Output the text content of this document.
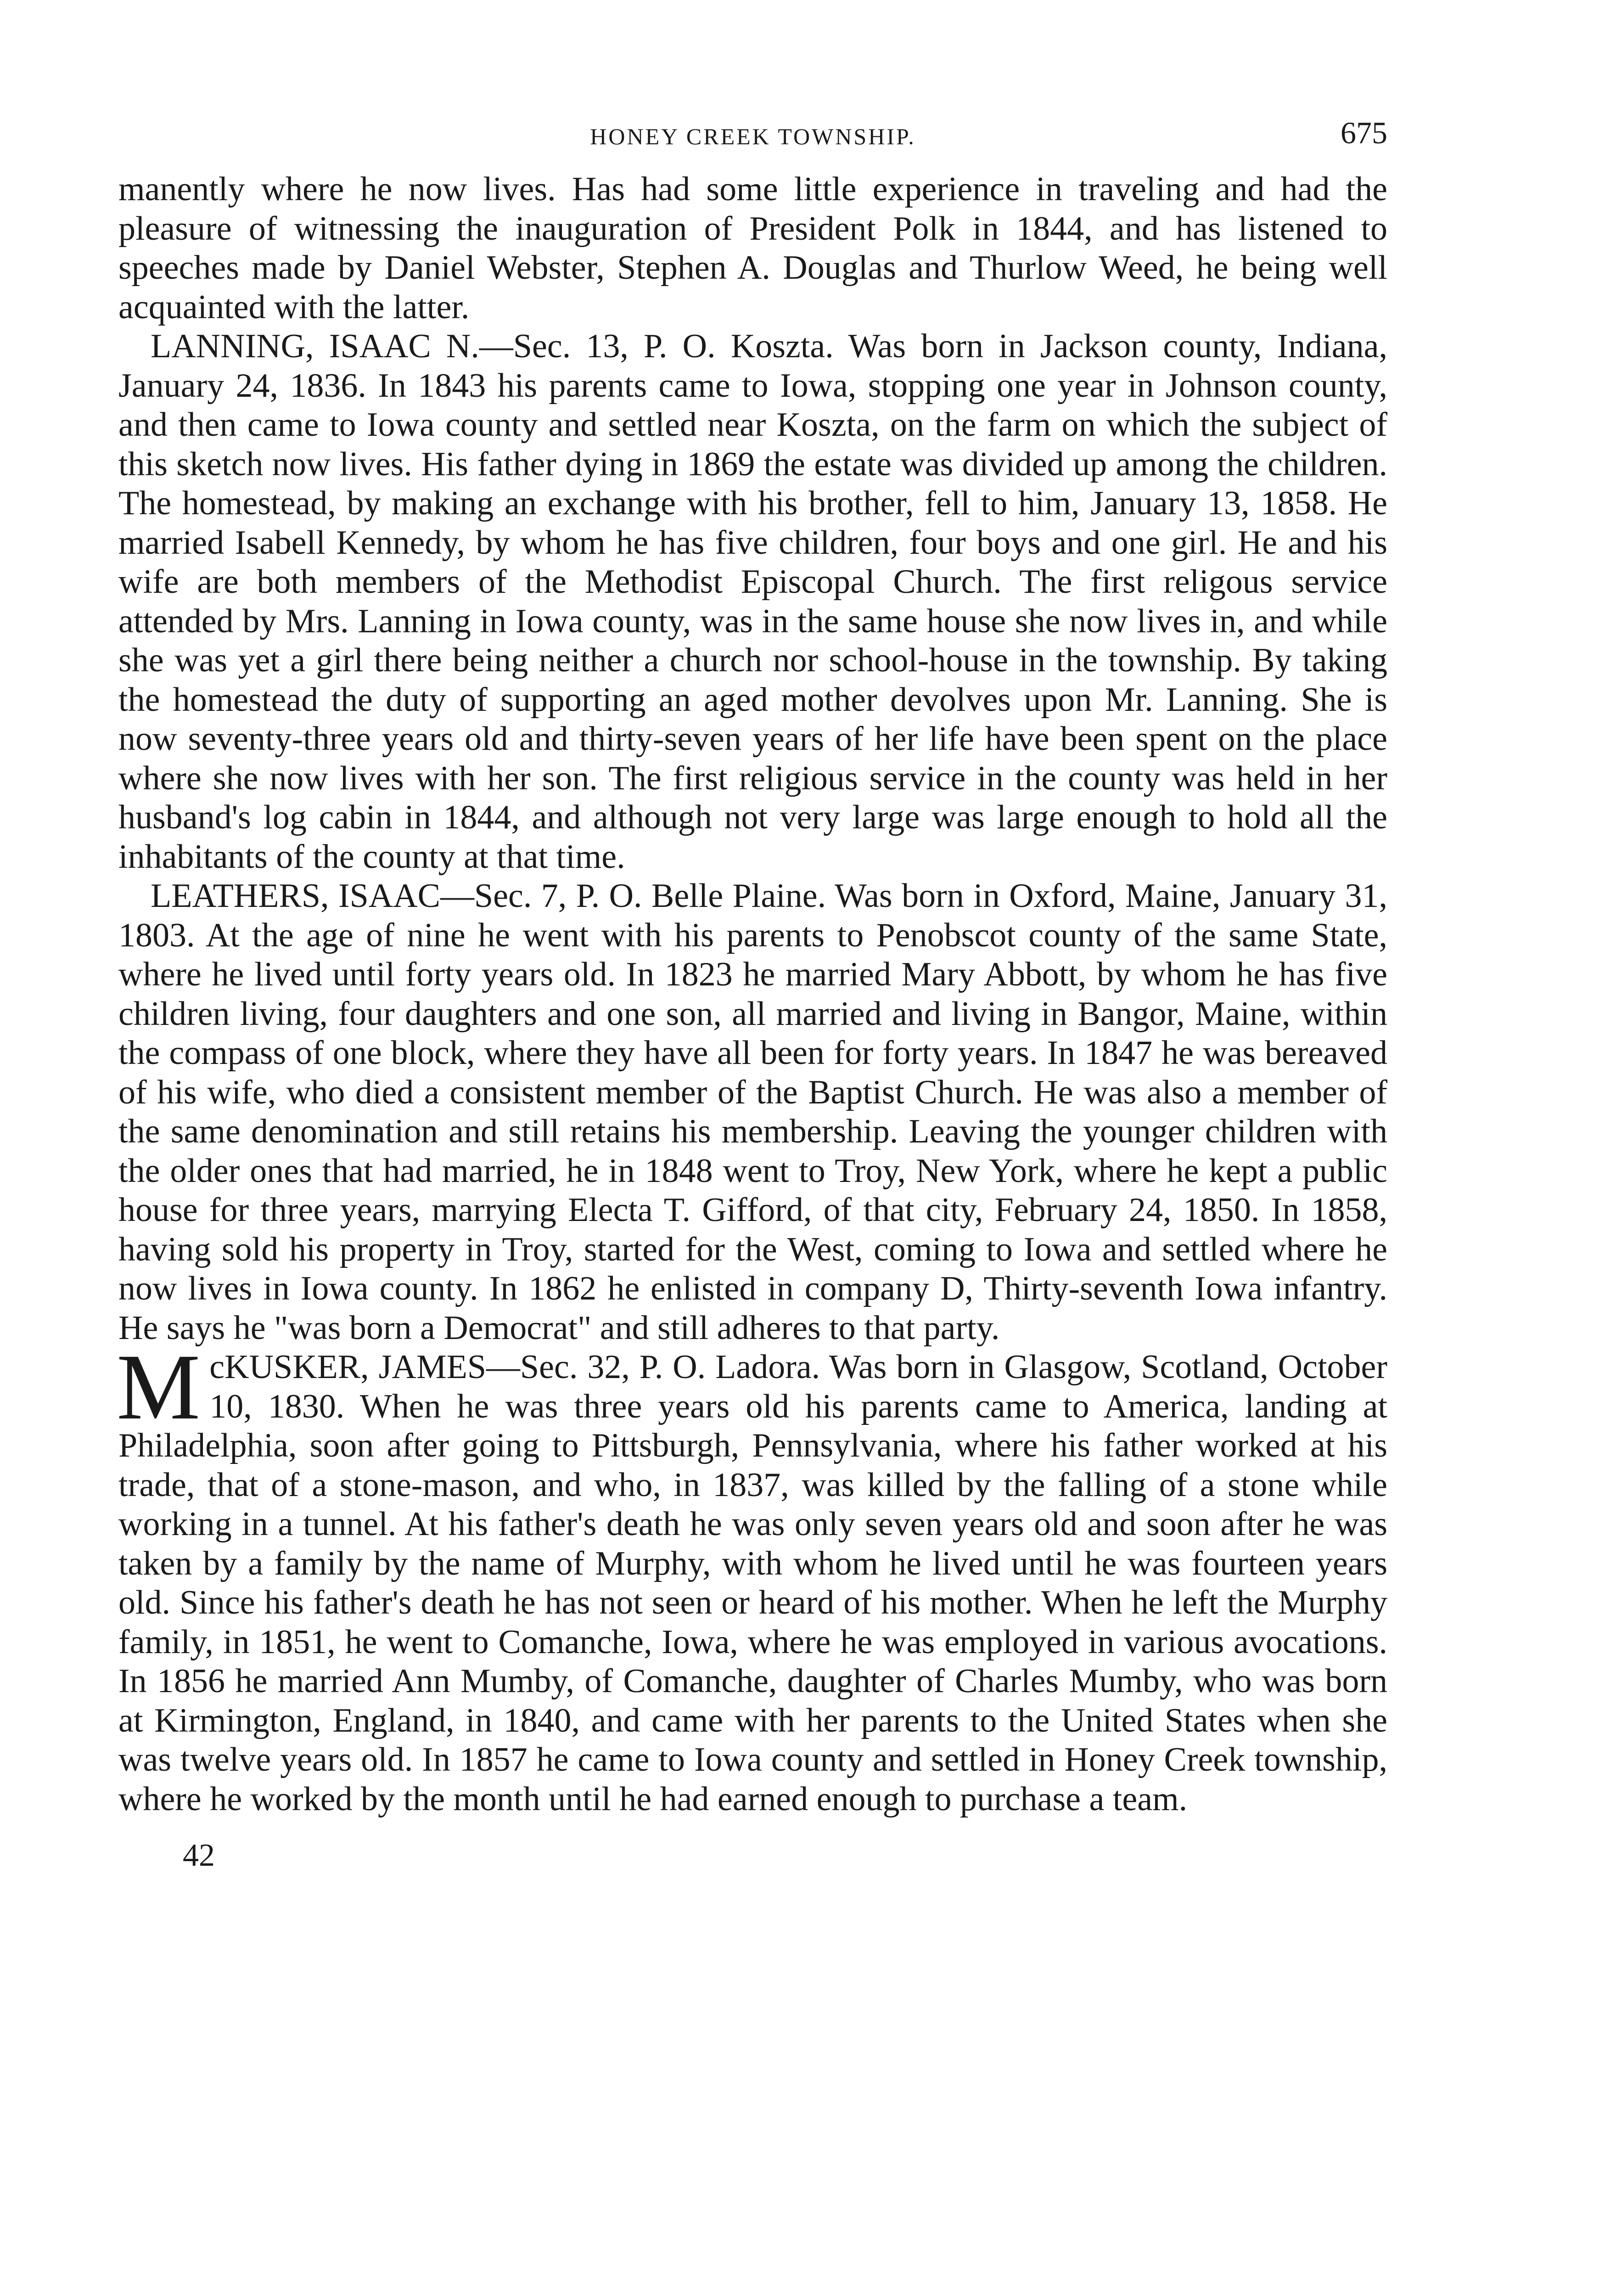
HONEY CREEK TOWNSHIP.	675

manently where he now lives. Has had some little experience in traveling and had the pleasure of witnessing the inauguration of President Polk in 1844, and has listened to speeches made by Daniel Webster, Stephen A. Douglas and Thurlow Weed, he being well acquainted with the latter.

LANNING, ISAAC N.—Sec. 13, P. O. Koszta. Was born in Jackson county, Indiana, January 24, 1836. In 1843 his parents came to Iowa, stopping one year in Johnson county, and then came to Iowa county and settled near Koszta, on the farm on which the subject of this sketch now lives. His father dying in 1869 the estate was divided up among the children. The homestead, by making an exchange with his brother, fell to him, January 13, 1858. He married Isabell Kennedy, by whom he has five children, four boys and one girl. He and his wife are both members of the Methodist Episcopal Church. The first religous service attended by Mrs. Lanning in Iowa county, was in the same house she now lives in, and while she was yet a girl there being neither a church nor school-house in the township. By taking the homestead the duty of supporting an aged mother devolves upon Mr. Lanning. She is now seventy-three years old and thirty-seven years of her life have been spent on the place where she now lives with her son. The first religious service in the county was held in her husband's log cabin in 1844, and although not very large was large enough to hold all the inhabitants of the county at that time.

LEATHERS, ISAAC—Sec. 7, P. O. Belle Plaine. Was born in Oxford, Maine, January 31, 1803. At the age of nine he went with his parents to Penobscot county of the same State, where he lived until forty years old. In 1823 he married Mary Abbott, by whom he has five children living, four daughters and one son, all married and living in Bangor, Maine, within the compass of one block, where they have all been for forty years. In 1847 he was bereaved of his wife, who died a consistent member of the Baptist Church. He was also a member of the same denomination and still retains his membership. Leaving the younger children with the older ones that had married, he in 1848 went to Troy, New York, where he kept a public house for three years, marrying Electa T. Gifford, of that city, February 24, 1850. In 1858, having sold his property in Troy, started for the West, coming to Iowa and settled where he now lives in Iowa county. In 1862 he enlisted in company D, Thirty-seventh Iowa infantry. He says he "was born a Democrat" and still adheres to that party.

M cKUSKER, JAMES—Sec. 32, P. O. Ladora. Was born in Glasgow, Scotland, October 10, 1830. When he was three years old his parents came to America, landing at Philadelphia, soon after going to Pittsburgh, Pennsylvania, where his father worked at his trade, that of a stone-mason, and who, in 1837, was killed by the falling of a stone while working in a tunnel. At his father's death he was only seven years old and soon after he was taken by a family by the name of Murphy, with whom he lived until he was fourteen years old. Since his father's death he has not seen or heard of his mother. When he left the Murphy family, in 1851, he went to Comanche, Iowa, where he was employed in various avocations. In 1856 he married Ann Mumby, of Comanche, daughter of Charles Mumby, who was born at Kirmington, England, in 1840, and came with her parents to the United States when she was twelve years old. In 1857 he came to Iowa county and settled in Honey Creek township, where he worked by the month until he had earned enough to purchase a team.

42
